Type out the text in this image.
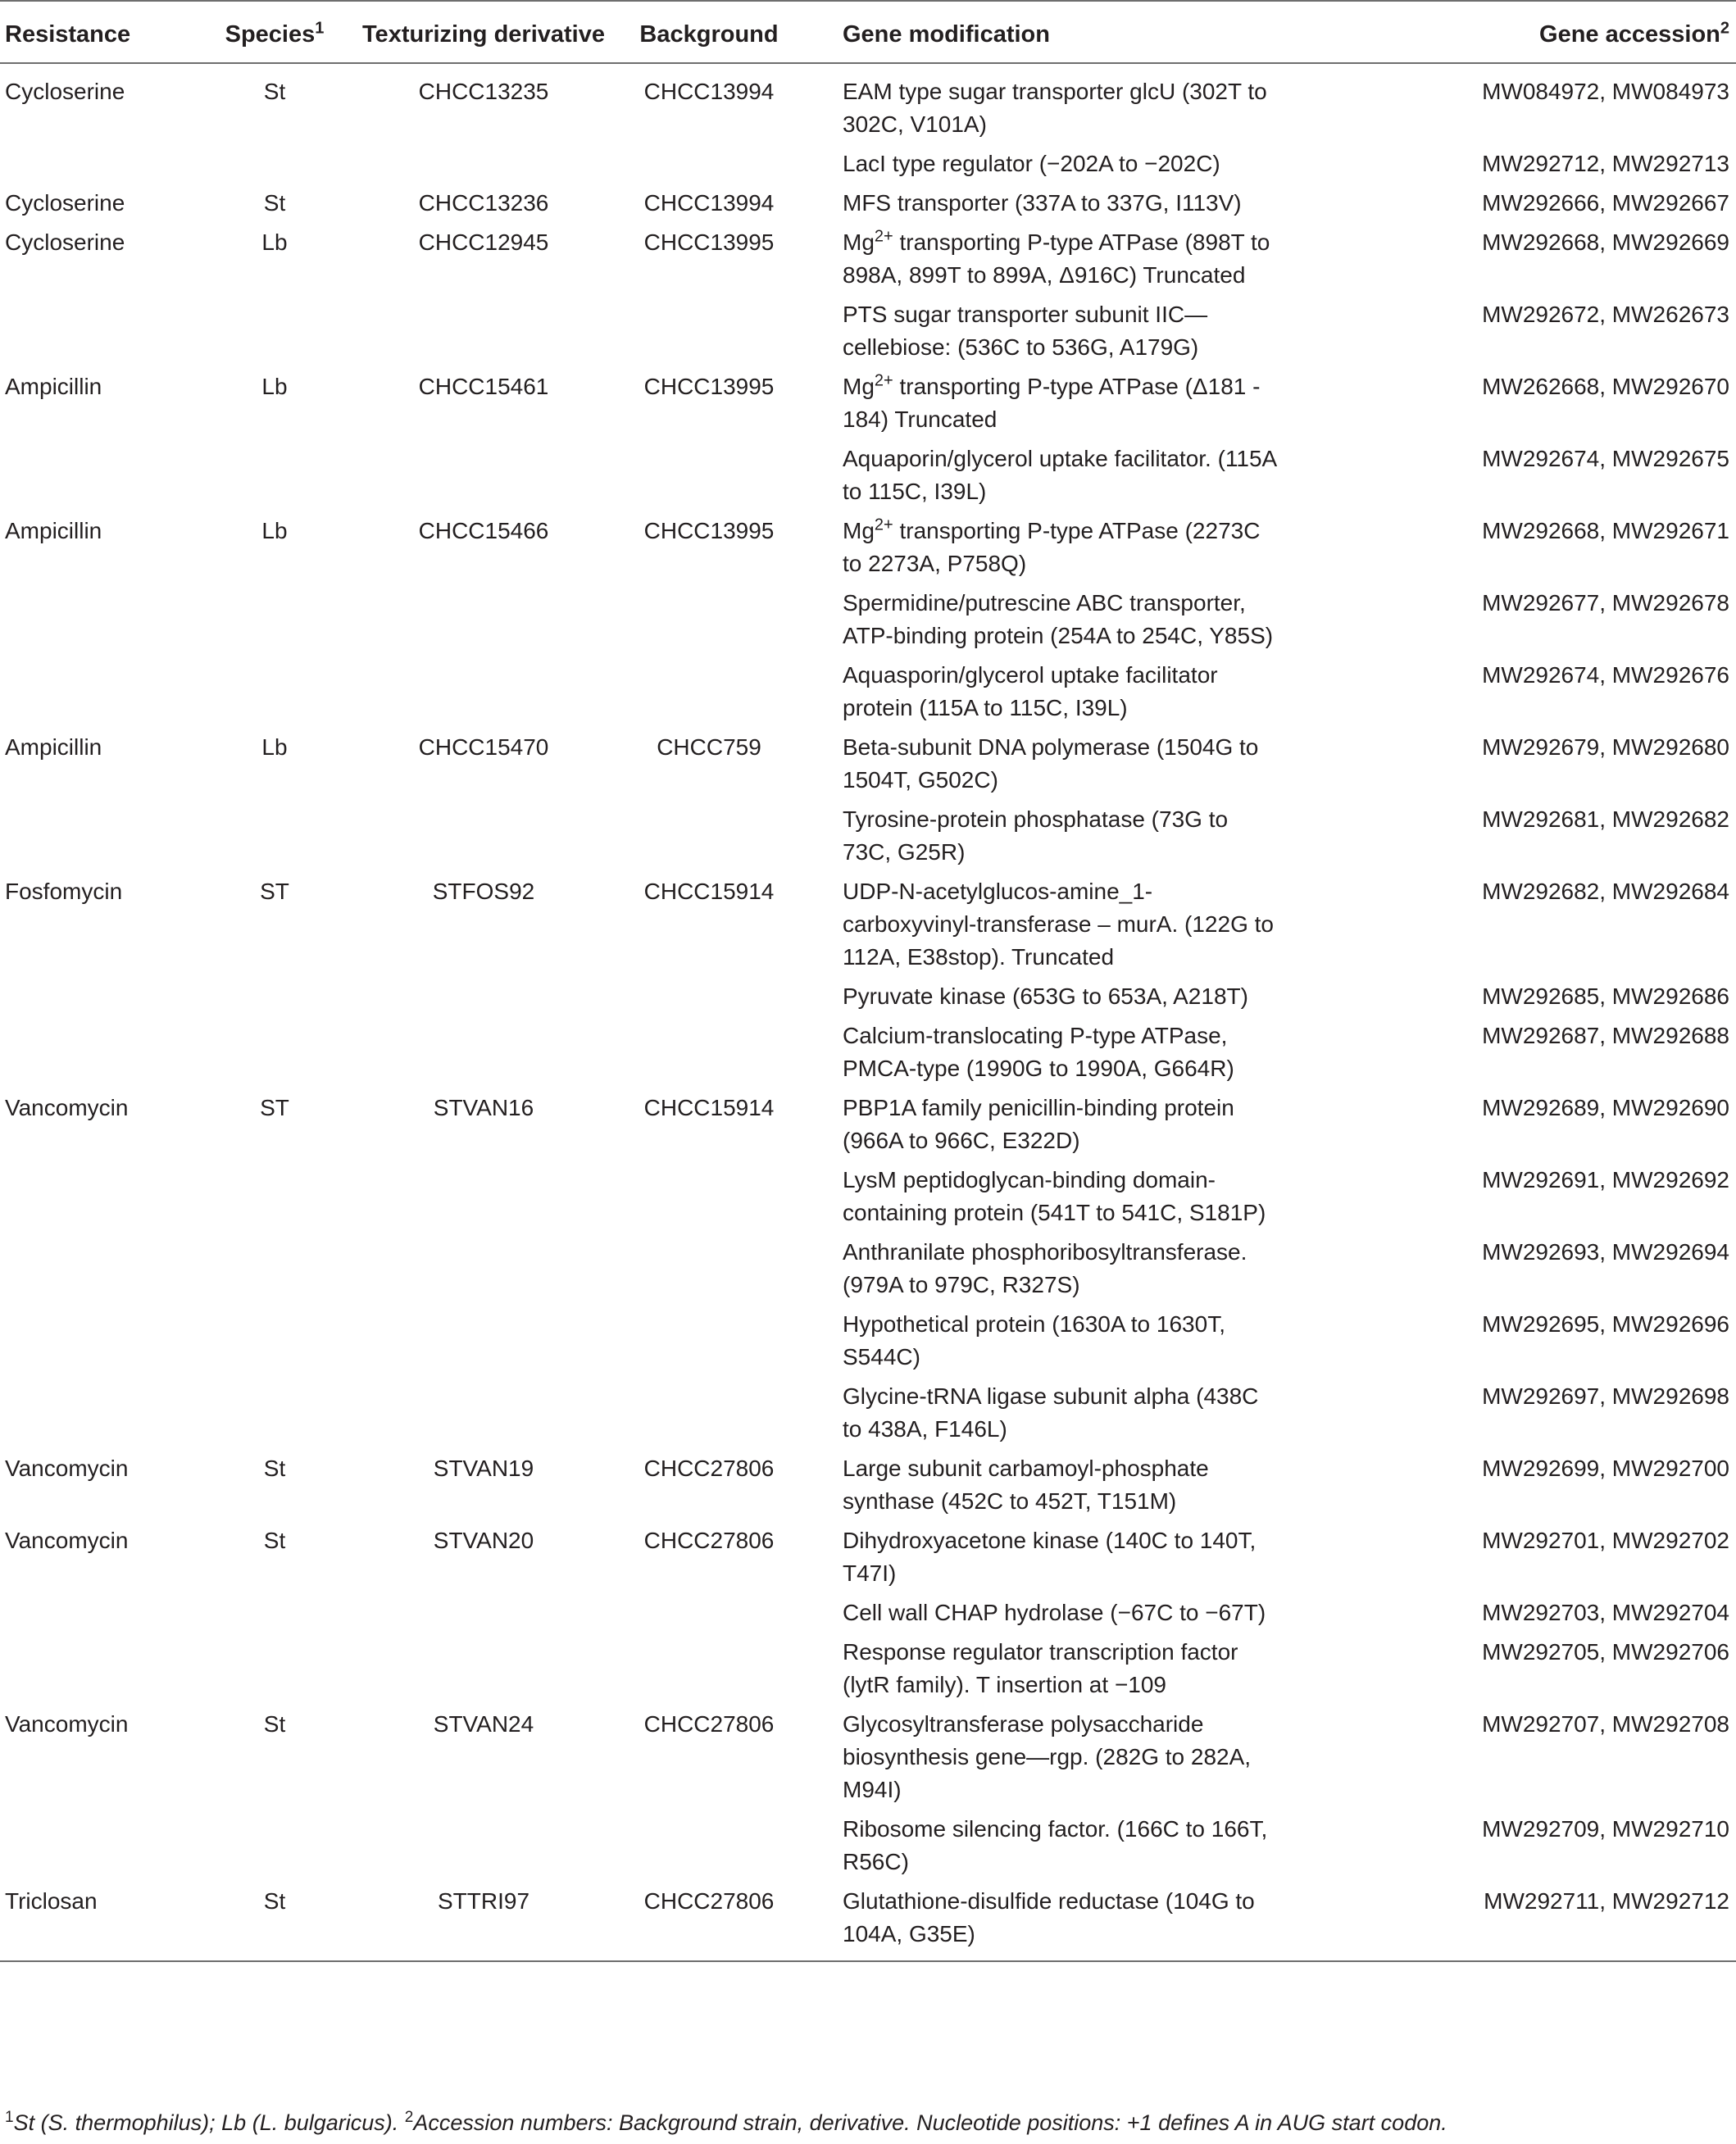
Resistance	Species$^1$	Texturizing derivative	Background	Gene modification	Gene accession$^2$
Cycloserine	St	CHCC13235	CHCC13994	EAM type sugar transporter glcU (302T to 302C, V101A)	MW084972, MW084973
				LacI type regulator (−202A to −202C)	MW292712, MW292713
Cycloserine	St	CHCC13236	CHCC13994	MFS transporter (337A to 337G, I113V)	MW292666, MW292667
Cycloserine	Lb	CHCC12945	CHCC13995	$Mg^{2+}$ transporting P-type ATPase (898T to 898A, 899T to 899A, Δ916C) Truncated	MW292668, MW292669
				PTS sugar transporter subunit IIC—cellebiose: (536C to 536G, A179G)	MW292672, MW262673
Ampicillin	Lb	CHCC15461	CHCC13995	$Mg^{2+}$ transporting P-type ATPase (Δ181 - 184) Truncated	MW262668, MW292670
				Aquaporin/glycerol uptake facilitator. (115A to 115C, I39L)	MW292674, MW292675
Ampicillin	Lb	CHCC15466	CHCC13995	$Mg^{2+}$ transporting P-type ATPase (2273C to 2273A, P758Q)	MW292668, MW292671
				Spermidine/putrescine ABC transporter, ATP-binding protein (254A to 254C, Y85S)	MW292677, MW292678
				Aquasporin/glycerol uptake facilitator protein (115A to 115C, I39L)	MW292674, MW292676
Ampicillin	Lb	CHCC15470	CHCC759	Beta-subunit DNA polymerase (1504G to 1504T, G502C)	MW292679, MW292680
				Tyrosine-protein phosphatase (73G to 73C, G25R)	MW292681, MW292682
Fosfomycin	ST	STFOS92	CHCC15914	UDP-N-acetylglucos-amine_1-carboxyvinyl-transferase – murA. (122G to 112A, E38stop). Truncated	MW292682, MW292684
				Pyruvate kinase (653G to 653A, A218T)	MW292685, MW292686
				Calcium-translocating P-type ATPase, PMCA-type (1990G to 1990A, G664R)	MW292687, MW292688
Vancomycin	ST	STVAN16	CHCC15914	PBP1A family penicillin-binding protein (966A to 966C, E322D)	MW292689, MW292690
				LysM peptidoglycan-binding domain-containing protein (541T to 541C, S181P)	MW292691, MW292692
				Anthranilate phosphoribosyltransferase. (979A to 979C, R327S)	MW292693, MW292694
				Hypothetical protein (1630A to 1630T, S544C)	MW292695, MW292696
				Glycine-tRNA ligase subunit alpha (438C to 438A, F146L)	MW292697, MW292698
Vancomycin	St	STVAN19	CHCC27806	Large subunit carbamoyl-phosphate synthase (452C to 452T, T151M)	MW292699, MW292700
Vancomycin	St	STVAN20	CHCC27806	Dihydroxyacetone kinase (140C to 140T, T47I)	MW292701, MW292702
				Cell wall CHAP hydrolase (−67C to −67T)	MW292703, MW292704
				Response regulator transcription factor (lytR family). T insertion at −109	MW292705, MW292706
Vancomycin	St	STVAN24	CHCC27806	Glycosyltransferase polysaccharide biosynthesis gene—rgp. (282G to 282A, M94I)	MW292707, MW292708
				Ribosome silencing factor. (166C to 166T, R56C)	MW292709, MW292710
Triclosan	St	STTRI97	CHCC27806	Glutathione-disulfide reductase (104G to 104A, G35E)	MW292711, MW292712
$^1$St (S. thermophilus); Lb (L. bulgaricus). $^2$Accession numbers: Background strain, derivative. Nucleotide positions: +1 defines A in AUG start codon.
